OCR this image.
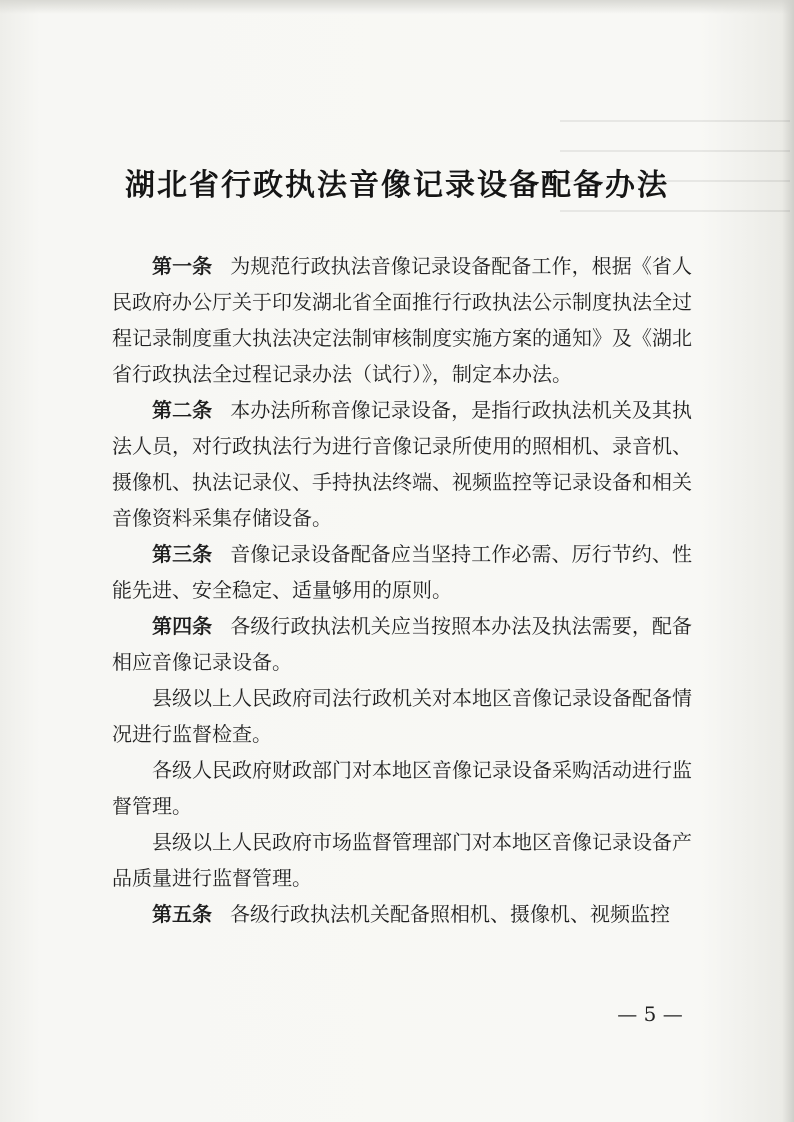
湖北省行政执法音像记录设备配备办法

第一条 为规范行政执法音像记录设备配备工作，根据《省人民政府办公厅关于印发湖北省全面推行行政执法公示制度执法全过程记录制度重大执法决定法制审核制度实施方案的通知》及《湖北省行政执法全过程记录办法（试行）》，制定本办法。

第二条 本办法所称音像记录设备，是指行政执法机关及其执法人员，对行政执法行为进行音像记录所使用的照相机、录音机、摄像机、执法记录仪、手持执法终端、视频监控等记录设备和相关音像资料采集存储设备。

第三条 音像记录设备配备应当坚持工作必需、厉行节约、性能先进、安全稳定、适量够用的原则。

第四条 各级行政执法机关应当按照本办法及执法需要，配备相应音像记录设备。

县级以上人民政府司法行政机关对本地区音像记录设备配备情况进行监督检查。

各级人民政府财政部门对本地区音像记录设备采购活动进行监督管理。

县级以上人民政府市场监督管理部门对本地区音像记录设备产品质量进行监督管理。

第五条 各级行政执法机关配备照相机、摄像机、视频监控

— 5 —
